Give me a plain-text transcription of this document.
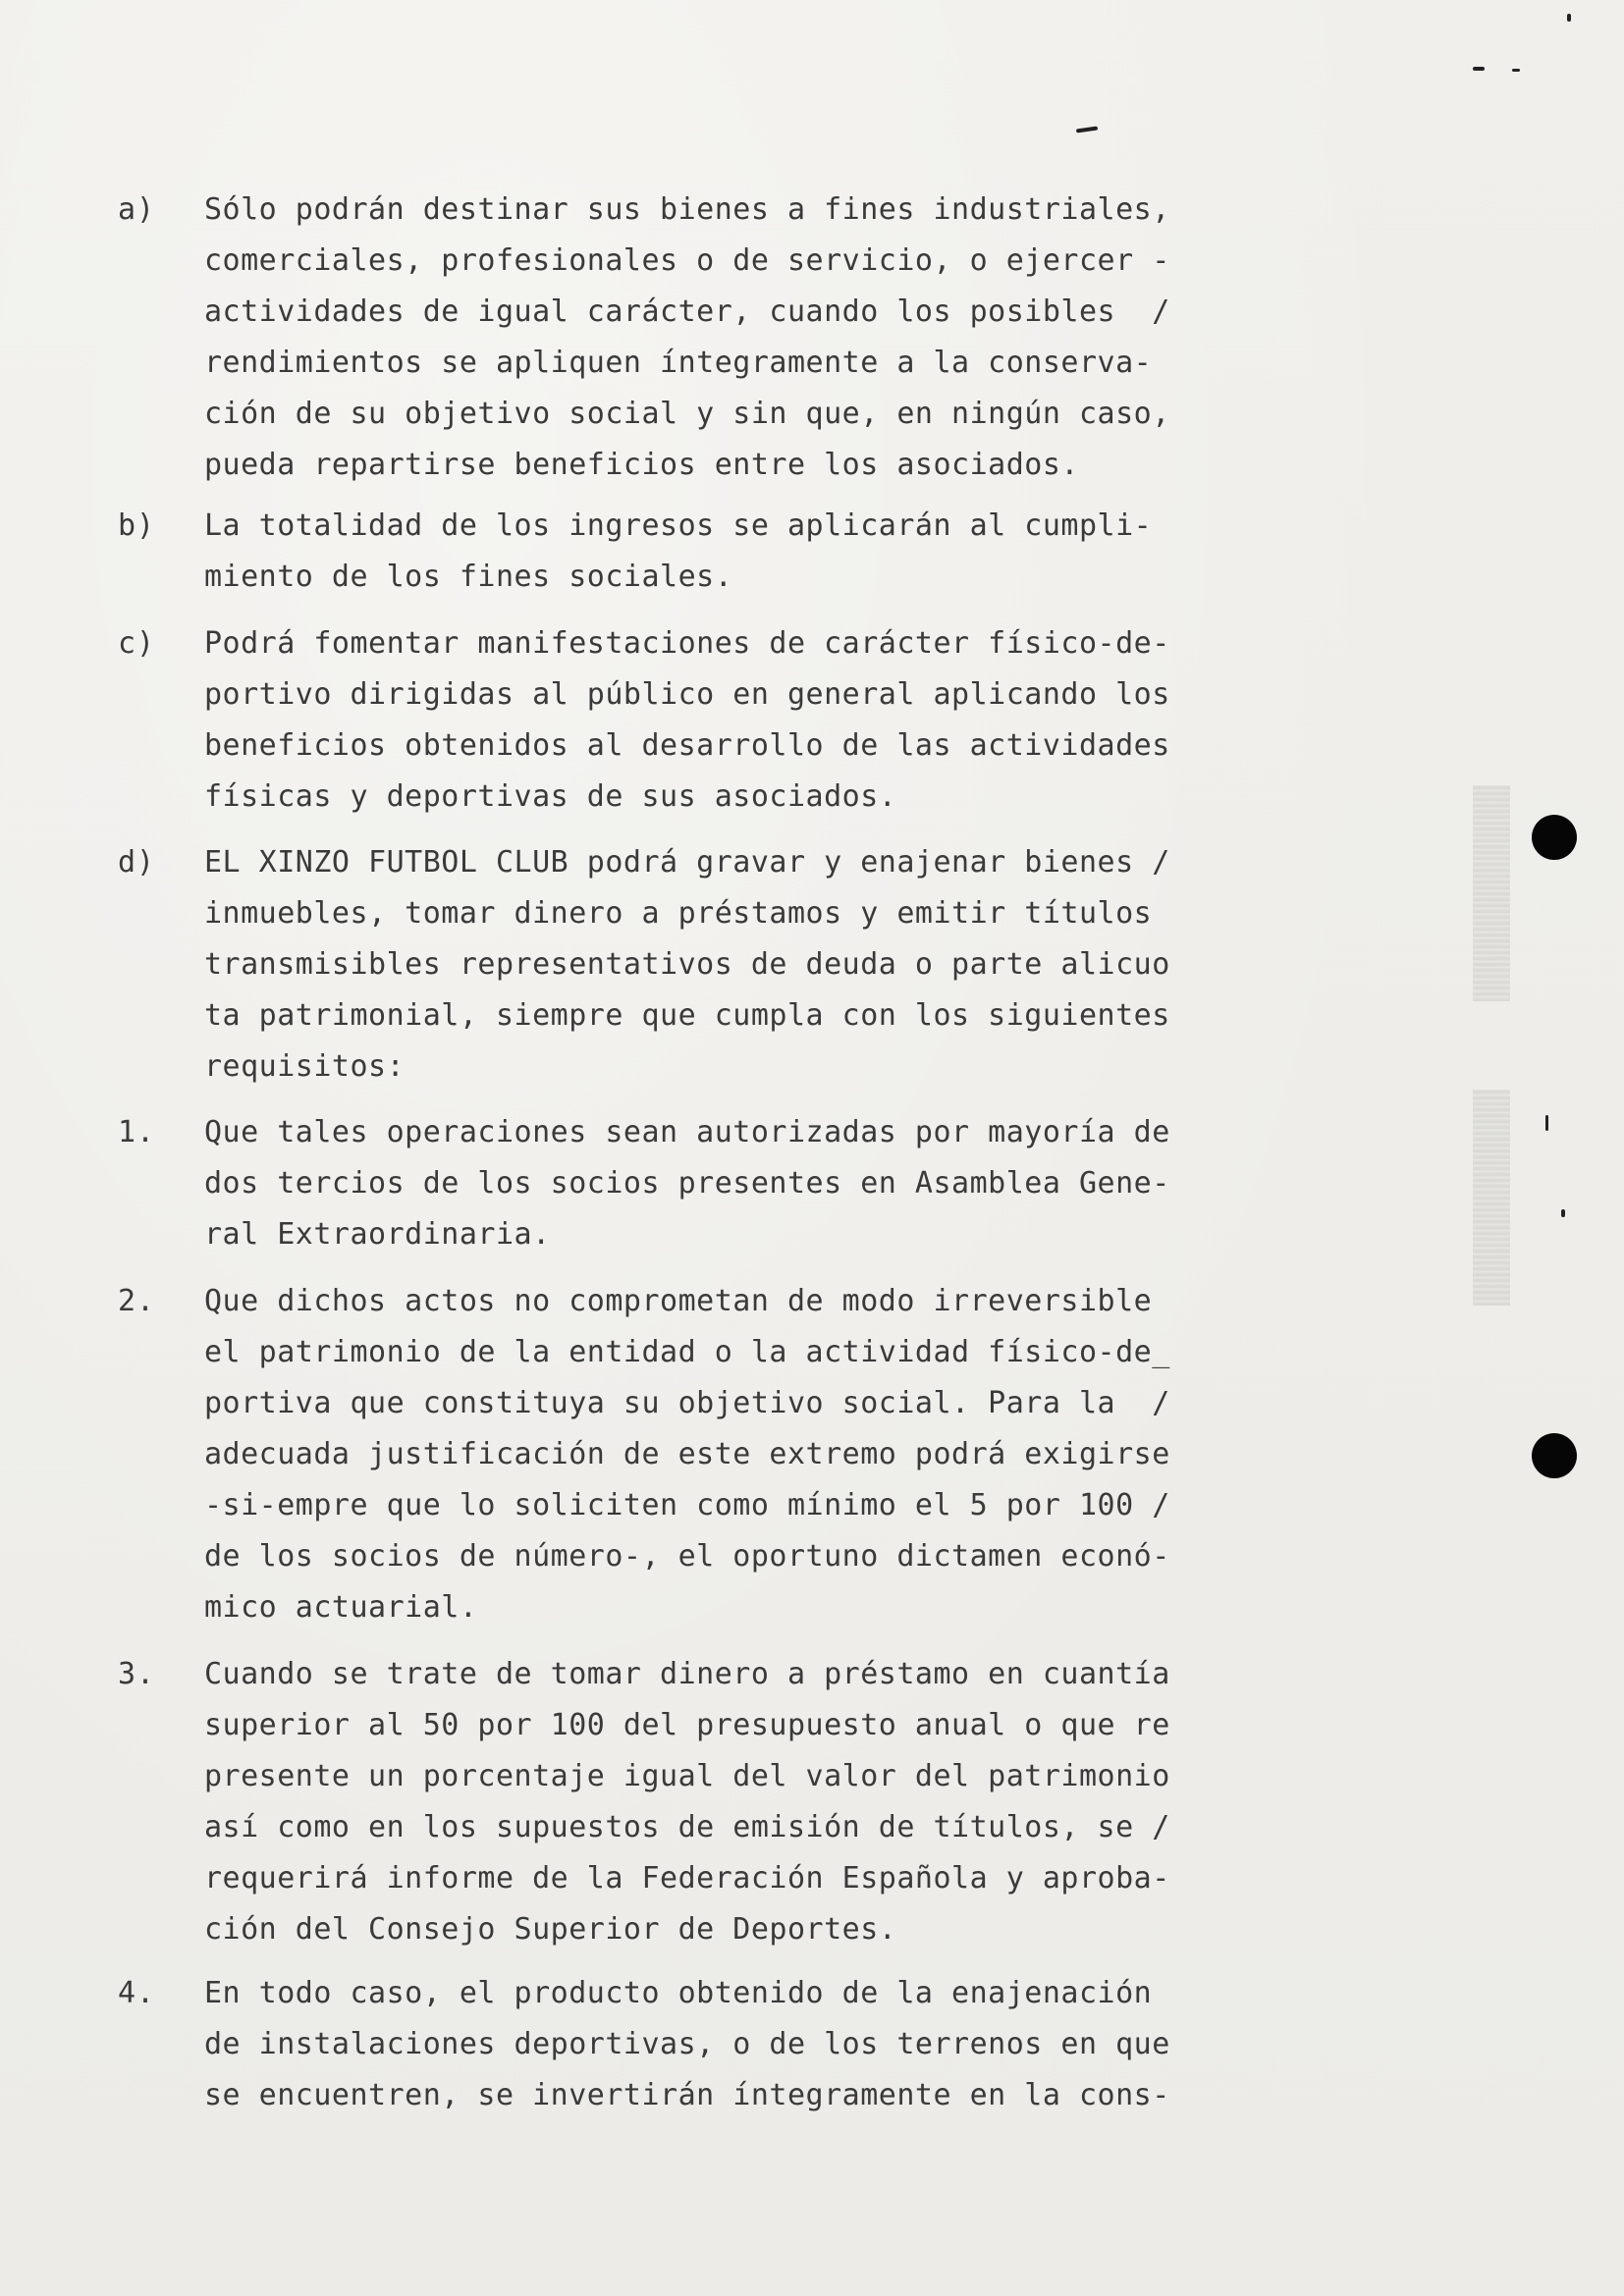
a)	Sólo podrán destinar sus bienes a fines industriales,
comerciales, profesionales o de servicio, o ejercer -
actividades de igual carácter, cuando los posibles  /
rendimientos se apliquen íntegramente a la conserva-
ción de su objetivo social y sin que, en ningún caso,
pueda repartirse beneficios entre los asociados.
b)	La totalidad de los ingresos se aplicarán al cumpli-
miento de los fines sociales.
c)	Podrá fomentar manifestaciones de carácter físico-de-
portivo dirigidas al público en general aplicando los
beneficios obtenidos al desarrollo de las actividades
físicas y deportivas de sus asociados.
d)	EL XINZO FUTBOL CLUB podrá gravar y enajenar bienes /
inmuebles, tomar dinero a préstamos y emitir títulos
transmisibles representativos de deuda o parte alicuo
ta patrimonial, siempre que cumpla con los siguientes
requisitos:
1.	Que tales operaciones sean autorizadas por mayoría de
dos tercios de los socios presentes en Asamblea Gene-
ral Extraordinaria.
2.	Que dichos actos no comprometan de modo irreversible
el patrimonio de la entidad o la actividad físico-de_
portiva que constituya su objetivo social. Para la  /
adecuada justificación de este extremo podrá exigirse
-si-empre que lo soliciten como mínimo el 5 por 100 /
de los socios de número-, el oportuno dictamen econó-
mico actuarial.
3.	Cuando se trate de tomar dinero a préstamo en cuantía
superior al 50 por 100 del presupuesto anual o que re
presente un porcentaje igual del valor del patrimonio
así como en los supuestos de emisión de títulos, se /
requerirá informe de la Federación Española y aproba-
ción del Consejo Superior de Deportes.
4.	En todo caso, el producto obtenido de la enajenación
de instalaciones deportivas, o de los terrenos en que
se encuentren, se invertirán íntegramente en la cons-
